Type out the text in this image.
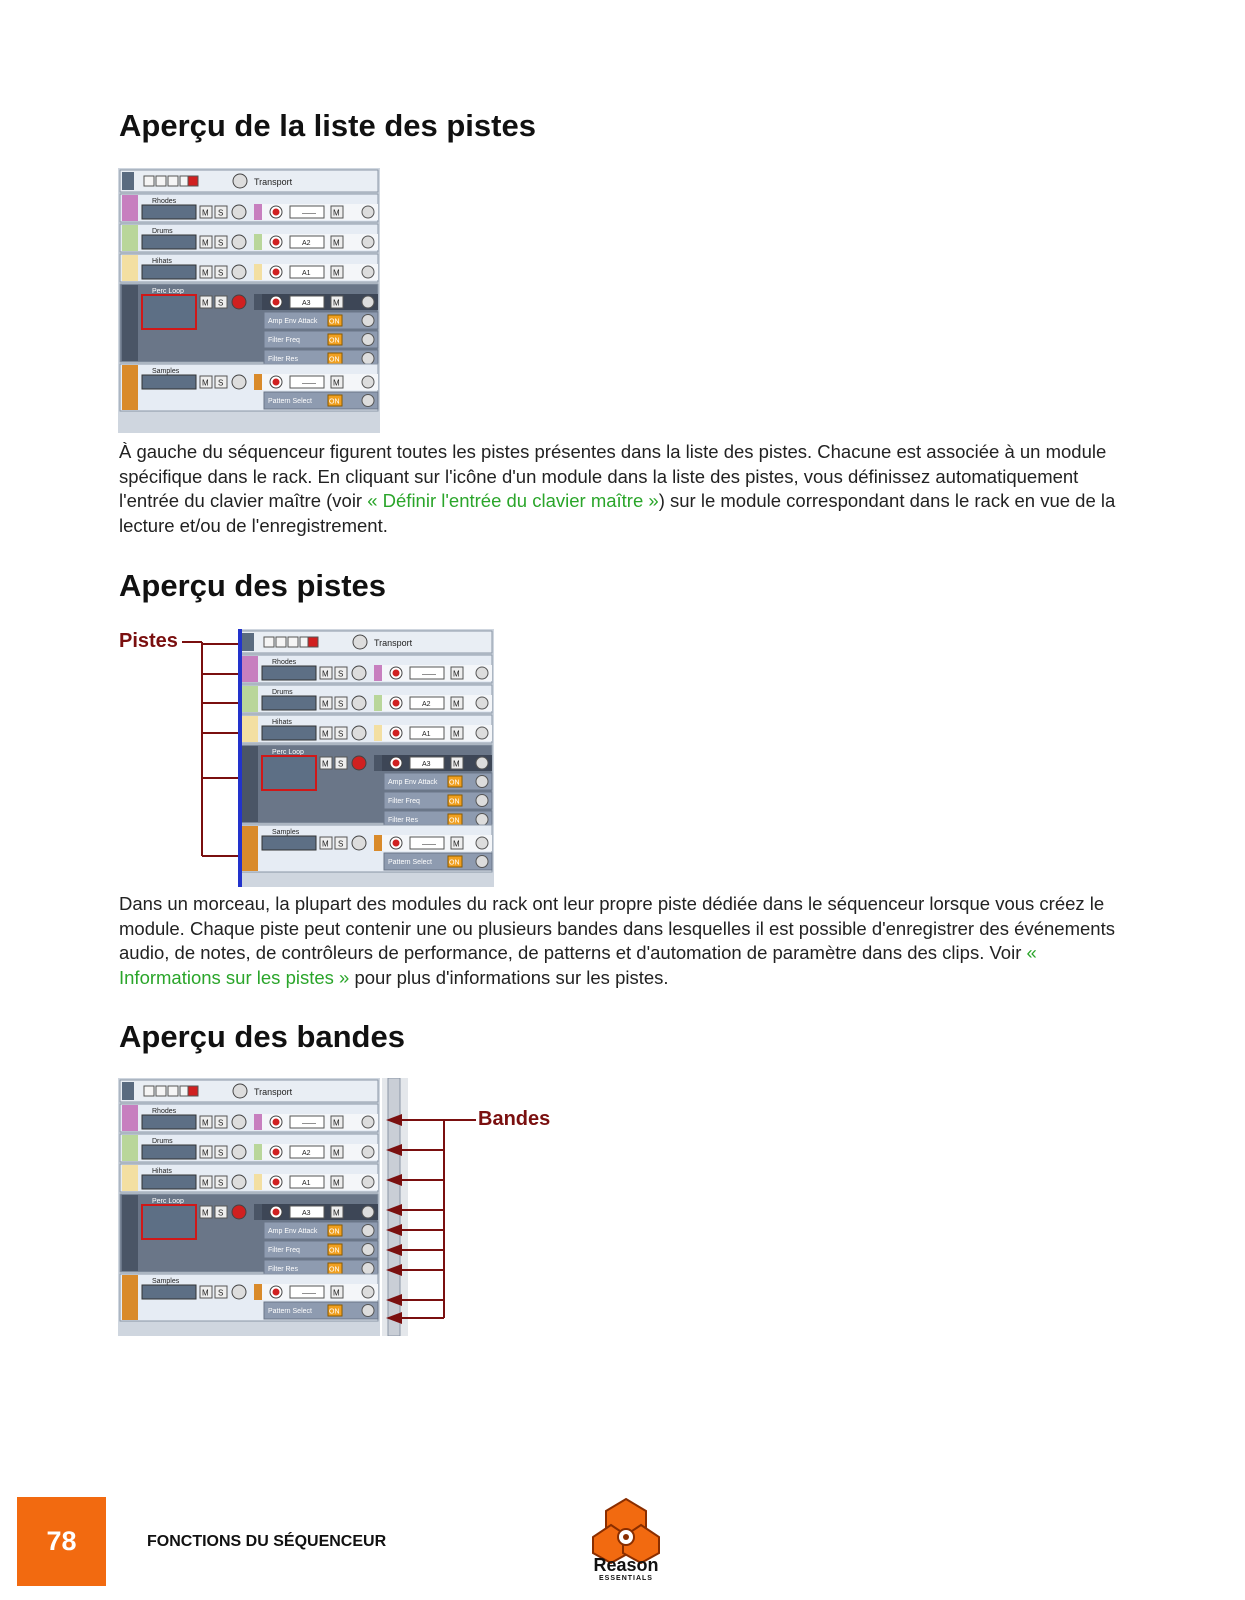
Aperçu de la liste des pistes
Transport
Rhodes
M S	—— M
Drums
M S	A2	M
Hihats
M S	A1	M
Perc Loop
M S	A3	M
Amp Env Attack ON
Filter Freq	ON
Filter Res	ON
Samples
M S	—— M
Pattern Select ON

À gauche du séquenceur figurent toutes les pistes présentes dans la liste des pistes. Chacune est associée à un module spécifique dans le rack. En cliquant sur l'icône d'un module dans la liste des pistes, vous définissez automatiquement l'entrée du clavier maître (voir « Définir l'entrée du clavier maître ») sur le module correspondant dans le rack en vue de la lecture et/ou de l'enregistrement.

Aperçu des pistes
Pistes	Transport
Rhodes
M S	—— M
Drums
M S	A2	M
Hihats
M S	A1	M
Perc Loop
M S	A3	M
Amp Env Attack ON
Filter Freq	ON
Filter Res	ON
Samples
M S	—— M
Pattern Select ON

Dans un morceau, la plupart des modules du rack ont leur propre piste dédiée dans le séquenceur lorsque vous créez le module. Chaque piste peut contenir une ou plusieurs bandes dans lesquelles il est possible d'enregistrer des événements audio, de notes, de contrôleurs de performance, de patterns et d'automation de paramètre dans des clips. Voir « Informations sur les pistes » pour plus d'informations sur les pistes.

Aperçu des bandes
Transport
Rhodes
M S	—— M
Drums
M S	A2	M
Hihats
M S	A1	M
Perc Loop
M S	A3	M
Amp Env Attack ON
Filter Freq	ON
Filter Res	ON
Samples
M S	—— M
Pattern Select ON
Bandes
78	FONCTIONS DU SÉQUENCEUR
Reason
ESSENTIALS
